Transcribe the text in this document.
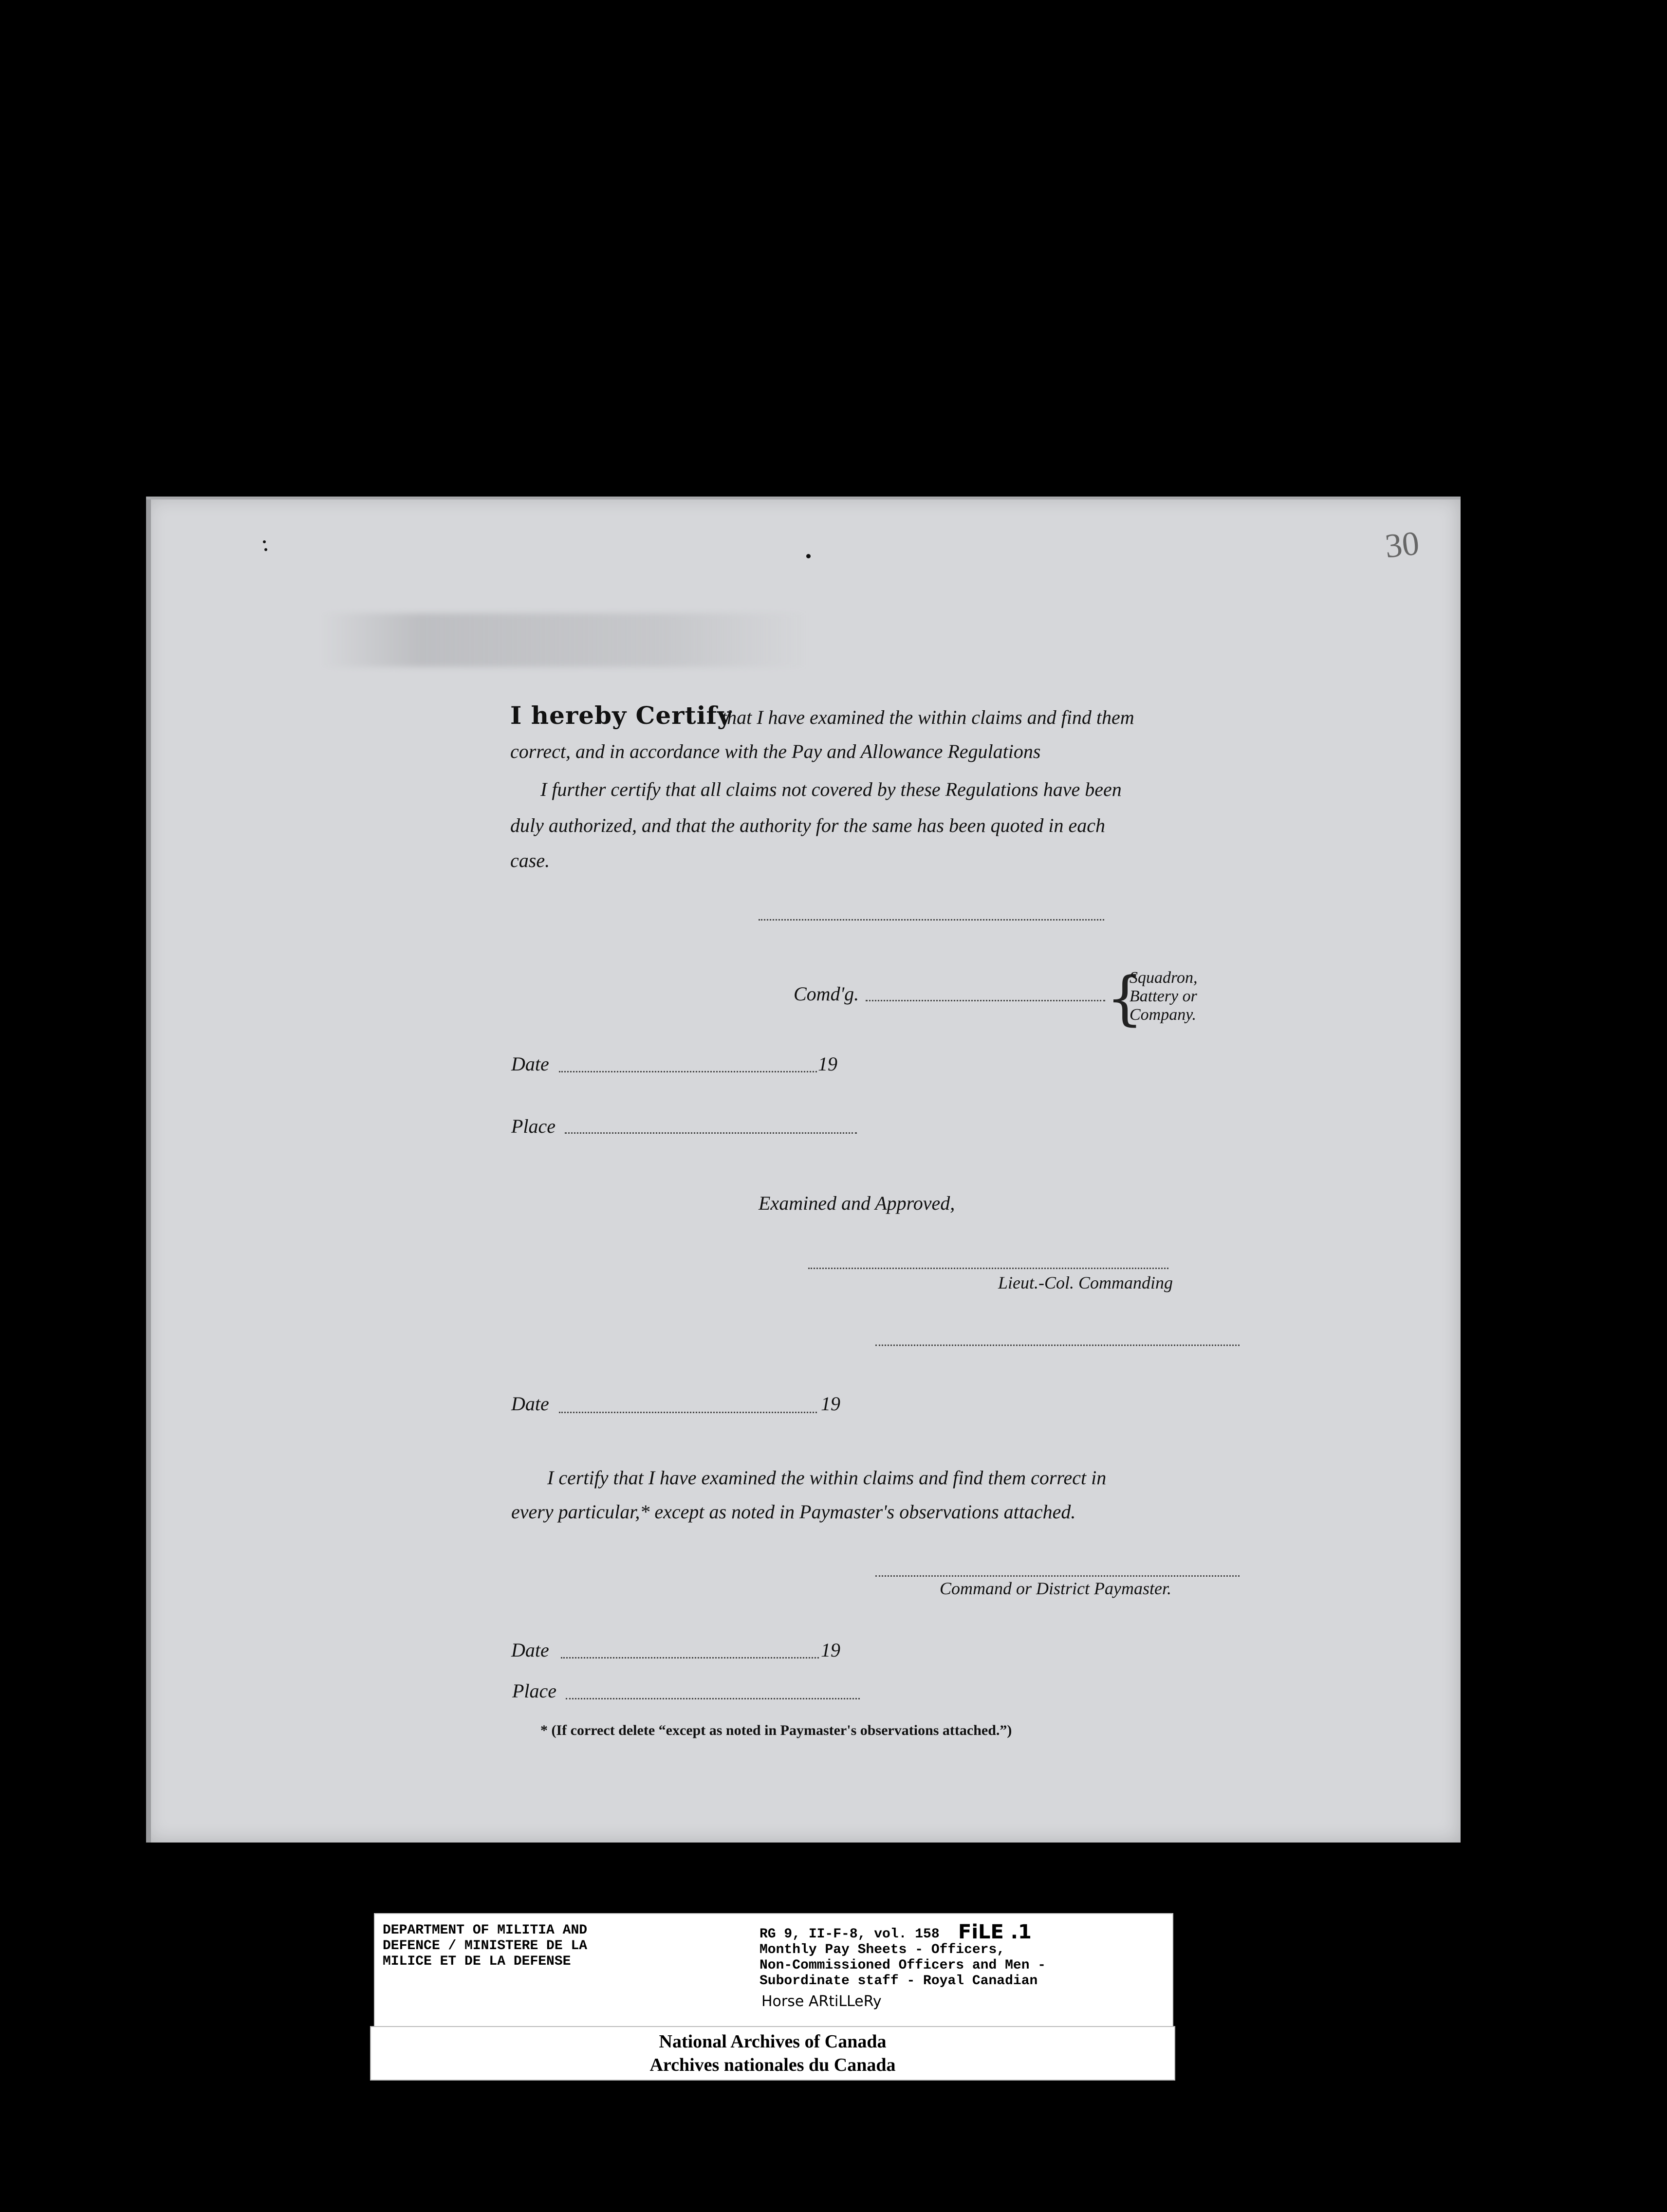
30
I hereby Certify
that I have examined the within claims and find them
correct, and in accordance with the Pay and Allowance Regulations
I further certify that all claims not covered by these Regulations have been
duly authorized, and that the authority for the same has been quoted in each
case.
Comd'g.	{
Squadron,
Battery or
Company.
Date	19
Place
Examined and Approved,
Lieut.-Col. Commanding
Date	19
I certify that I have examined the within claims and find them correct in
every particular,* except as noted in Paymaster's observations attached.
Command or District Paymaster.
Date	19
Place
* (If correct delete “except as noted in Paymaster's observations attached.”)
DEPARTMENT OF MILITIA AND
DEFENCE / MINISTERE DE LA
MILICE ET DE LA DEFENSE
RG 9, II-F-8, vol. 158 FiLE .1
Monthly Pay Sheets - Officers,
Non-Commissioned Officers and Men -
Subordinate staff - Royal Canadian
Horse ARtiLLeRy
National Archives of Canada
Archives nationales du Canada
